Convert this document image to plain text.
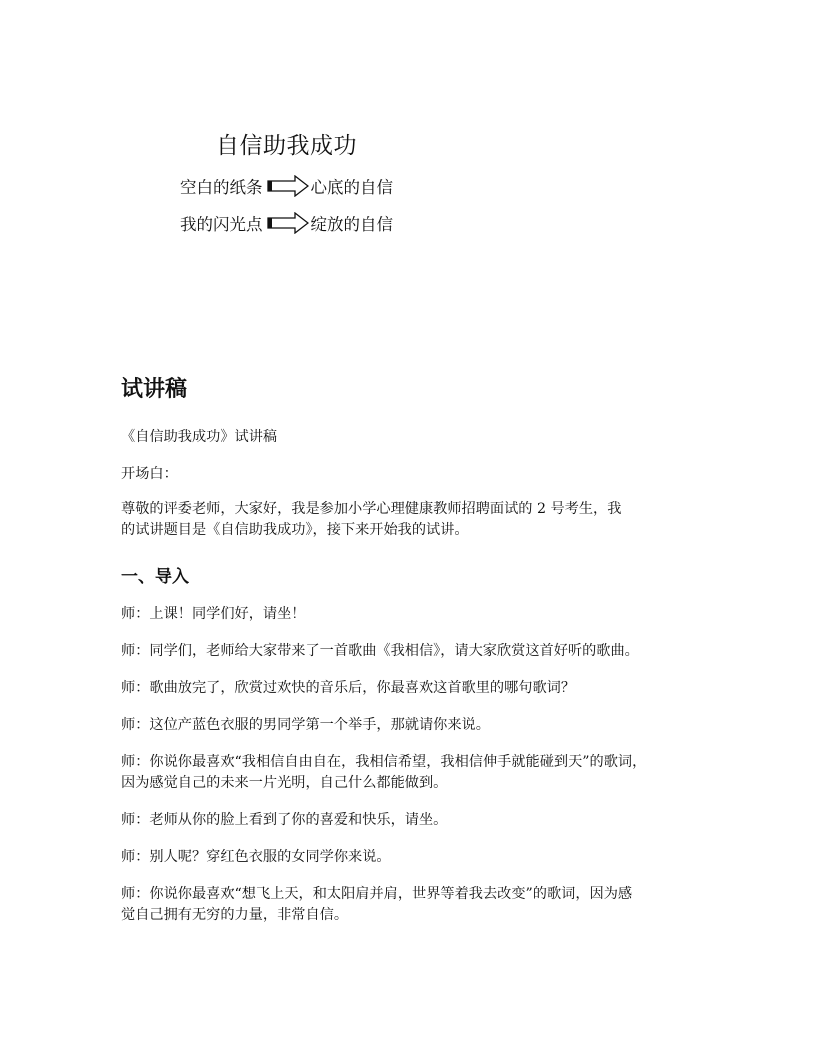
自信助我成功
空白的纸条	心底的自信
我的闪光点	绽放的自信
试讲稿
《自信助我成功》试讲稿
开场白：
尊敬的评委老师，大家好，我是参加小学心理健康教师招聘面试的 2 号考生，我
的试讲题目是《自信助我成功》，接下来开始我的试讲。
一、导入
师：上课！同学们好，请坐！
师：同学们，老师给大家带来了一首歌曲《我相信》，请大家欣赏这首好听的歌曲。
师：歌曲放完了，欣赏过欢快的音乐后，你最喜欢这首歌里的哪句歌词？
师：这位产蓝色衣服的男同学第一个举手，那就请你来说。
师：你说你最喜欢“我相信自由自在，我相信希望，我相信伸手就能碰到天”的歌词，
因为感觉自己的未来一片光明，自己什么都能做到。
师：老师从你的脸上看到了你的喜爱和快乐，请坐。
师：别人呢？穿红色衣服的女同学你来说。
师：你说你最喜欢“想飞上天，和太阳肩并肩，世界等着我去改变”的歌词，因为感
觉自己拥有无穷的力量，非常自信。
